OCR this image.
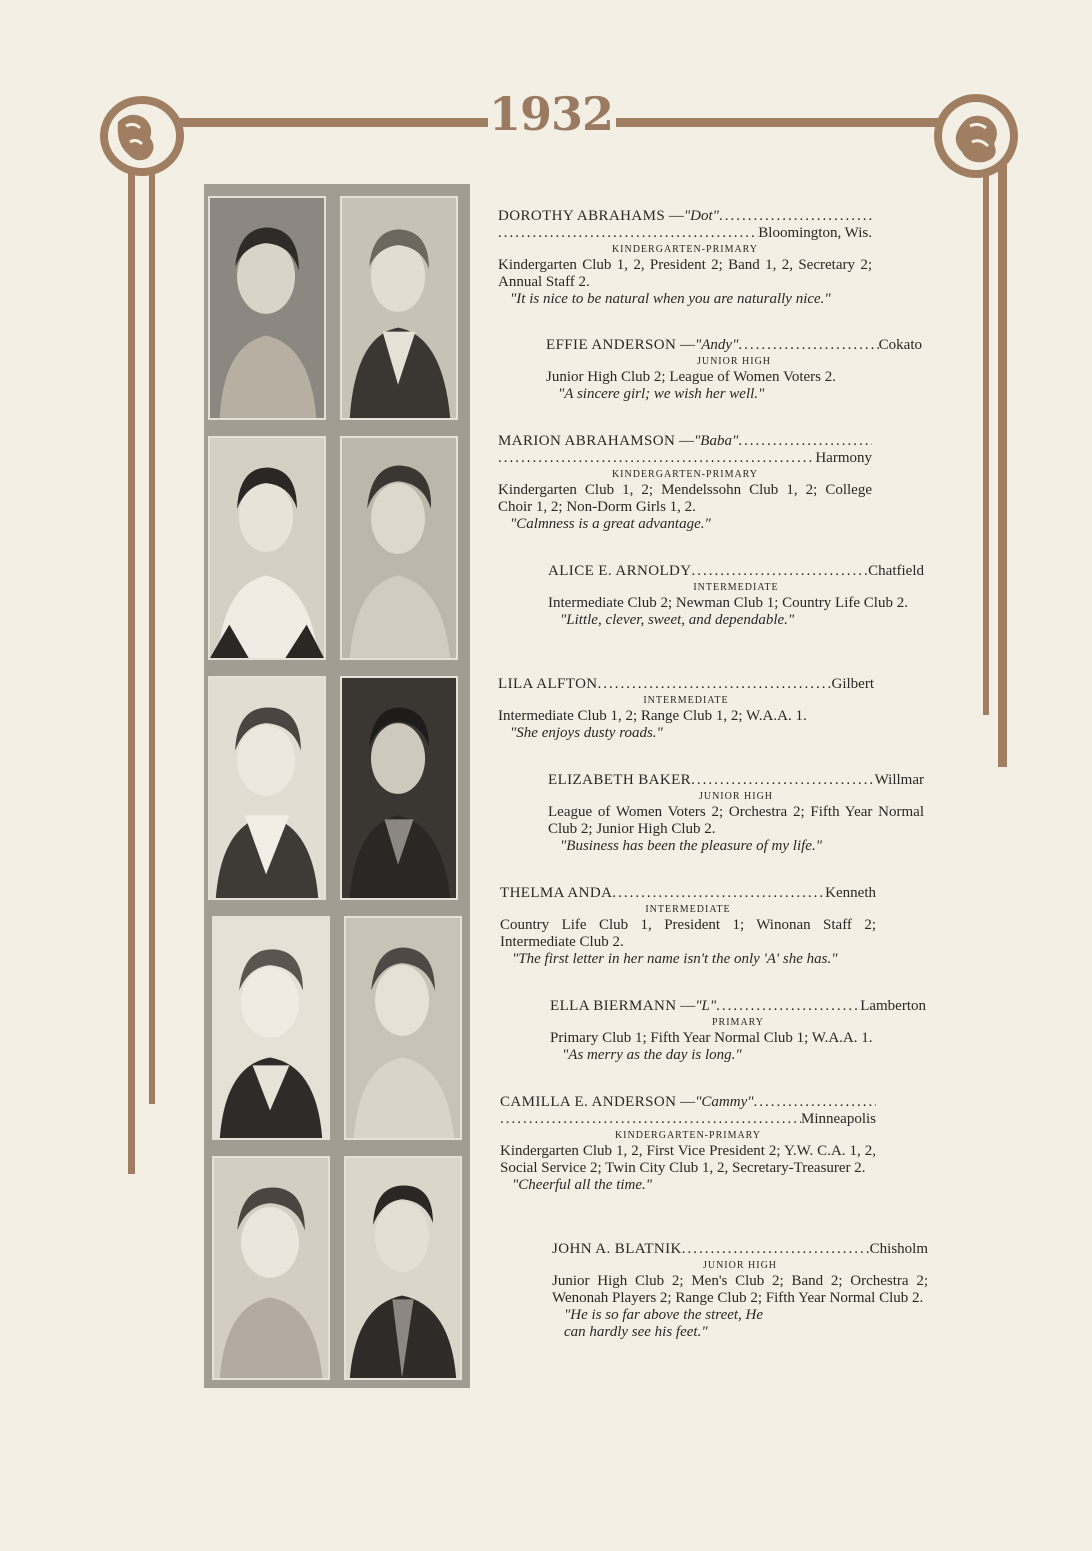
1932
DOROTHY ABRAHAMS — "Dot"
.....
.....
Bloomington, Wis.
KINDERGARTEN-PRIMARY
Kindergarten Club 1, 2, President 2; Band 1, 2, Secretary 2; Annual Staff 2.
"It is nice to be natural when you are naturally nice."
EFFIE ANDERSON — "Andy" .....	Cokato
JUNIOR HIGH
Junior High Club 2; League of Women Voters 2.
"A sincere girl; we wish her well."
MARION ABRAHAMSON — "Baba"
.....
.....
Harmony
KINDERGARTEN-PRIMARY
Kindergarten Club 1, 2; Mendelssohn Club 1, 2; College Choir 1, 2; Non-Dorm Girls 1, 2.
"Calmness is a great advantage."
ALICE E. ARNOLDY .....	Chatfield
INTERMEDIATE
Intermediate Club 2; Newman Club 1; Country Life Club 2.
"Little, clever, sweet, and dependable."
LILA ALFTON .....	Gilbert
INTERMEDIATE
Intermediate Club 1, 2; Range Club 1, 2; W.A.A. 1.
"She enjoys dusty roads."
ELIZABETH BAKER .....	Willmar
JUNIOR HIGH
League of Women Voters 2; Orchestra 2; Fifth Year Normal Club 2; Junior High Club 2.
"Business has been the pleasure of my life."
THELMA ANDA .....	Kenneth
INTERMEDIATE
Country Life Club 1, President 1; Winonan Staff 2; Intermediate Club 2.
"The first letter in her name isn't the only 'A' she has."
ELLA BIERMANN — "L" .....	Lamberton
PRIMARY
Primary Club 1; Fifth Year Normal Club 1; W.A.A. 1.
"As merry as the day is long."
CAMILLA E. ANDERSON — "Cammy"
.....
.....
Minneapolis
KINDERGARTEN-PRIMARY
Kindergarten Club 1, 2, First Vice President 2; Y.W. C.A. 1, 2, Social Service 2; Twin City Club 1, 2, Secretary-Treasurer 2.
"Cheerful all the time."
JOHN A. BLATNIK .....	Chisholm
JUNIOR HIGH
Junior High Club 2; Men's Club 2; Band 2; Orchestra 2; Wenonah Players 2; Range Club 2; Fifth Year Normal Club 2.
"He is so far above the street, He can hardly see his feet."
